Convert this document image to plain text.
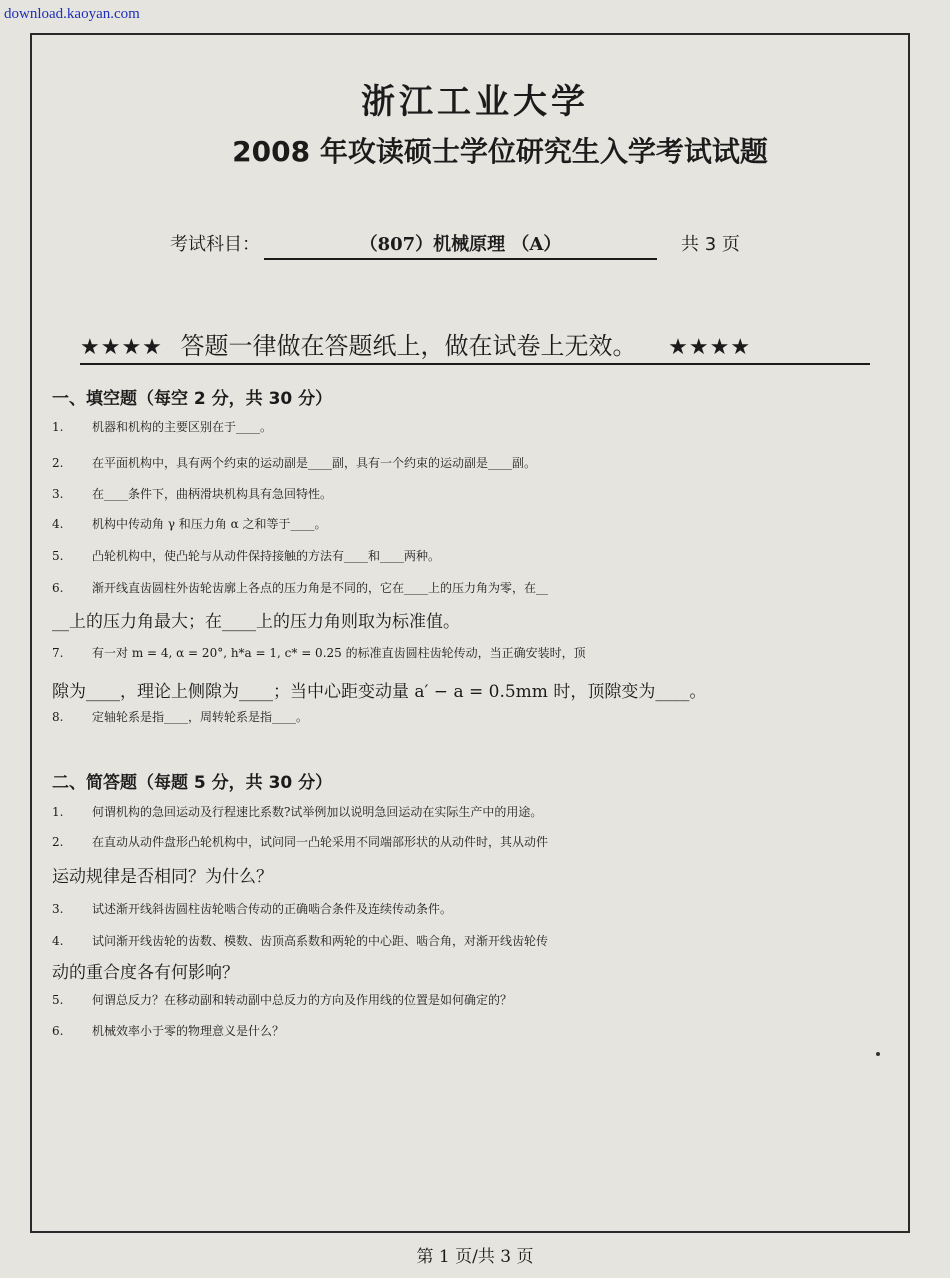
download.kaoyan.com
浙江工业大学
2008 年攻读硕士学位研究生入学考试试题
考试科目：	（807）机械原理 （A）	共 3 页
★★★★ 答题一律做在答题纸上，做在试卷上无效。 ★★★★
一、填空题（每空 2 分，共 30 分）
1. 机器和机构的主要区别在于____。
2. 在平面机构中，具有两个约束的运动副是____副，具有一个约束的运动副是____副。
3. 在____条件下，曲柄滑块机构具有急回特性。
4. 机构中传动角 γ 和压力角 α 之和等于____。
5. 凸轮机构中，使凸轮与从动件保持接触的方法有____和____两种。
6. 渐开线直齿圆柱外齿轮齿廓上各点的压力角是不同的，它在____上的压力角为零，在__
__上的压力角最大；在____上的压力角则取为标准值。
7. 有一对 m = 4, α = 20°, h*a = 1, c* = 0.25 的标准直齿圆柱齿轮传动，当正确安装时，顶
隙为____，理论上侧隙为____；当中心距变动量 a′ − a = 0.5mm 时，顶隙变为____。
8. 定轴轮系是指____，周转轮系是指____。
二、简答题（每题 5 分，共 30 分）
1. 何谓机构的急回运动及行程速比系数?试举例加以说明急回运动在实际生产中的用途。
2. 在直动从动件盘形凸轮机构中，试问同一凸轮采用不同端部形状的从动件时，其从动件
运动规律是否相同？为什么？
3. 试述渐开线斜齿圆柱齿轮啮合传动的正确啮合条件及连续传动条件。
4. 试问渐开线齿轮的齿数、模数、齿顶高系数和两轮的中心距、啮合角，对渐开线齿轮传
动的重合度各有何影响？
5. 何谓总反力？在移动副和转动副中总反力的方向及作用线的位置是如何确定的？
6. 机械效率小于零的物理意义是什么？
第 1 页/共 3 页
